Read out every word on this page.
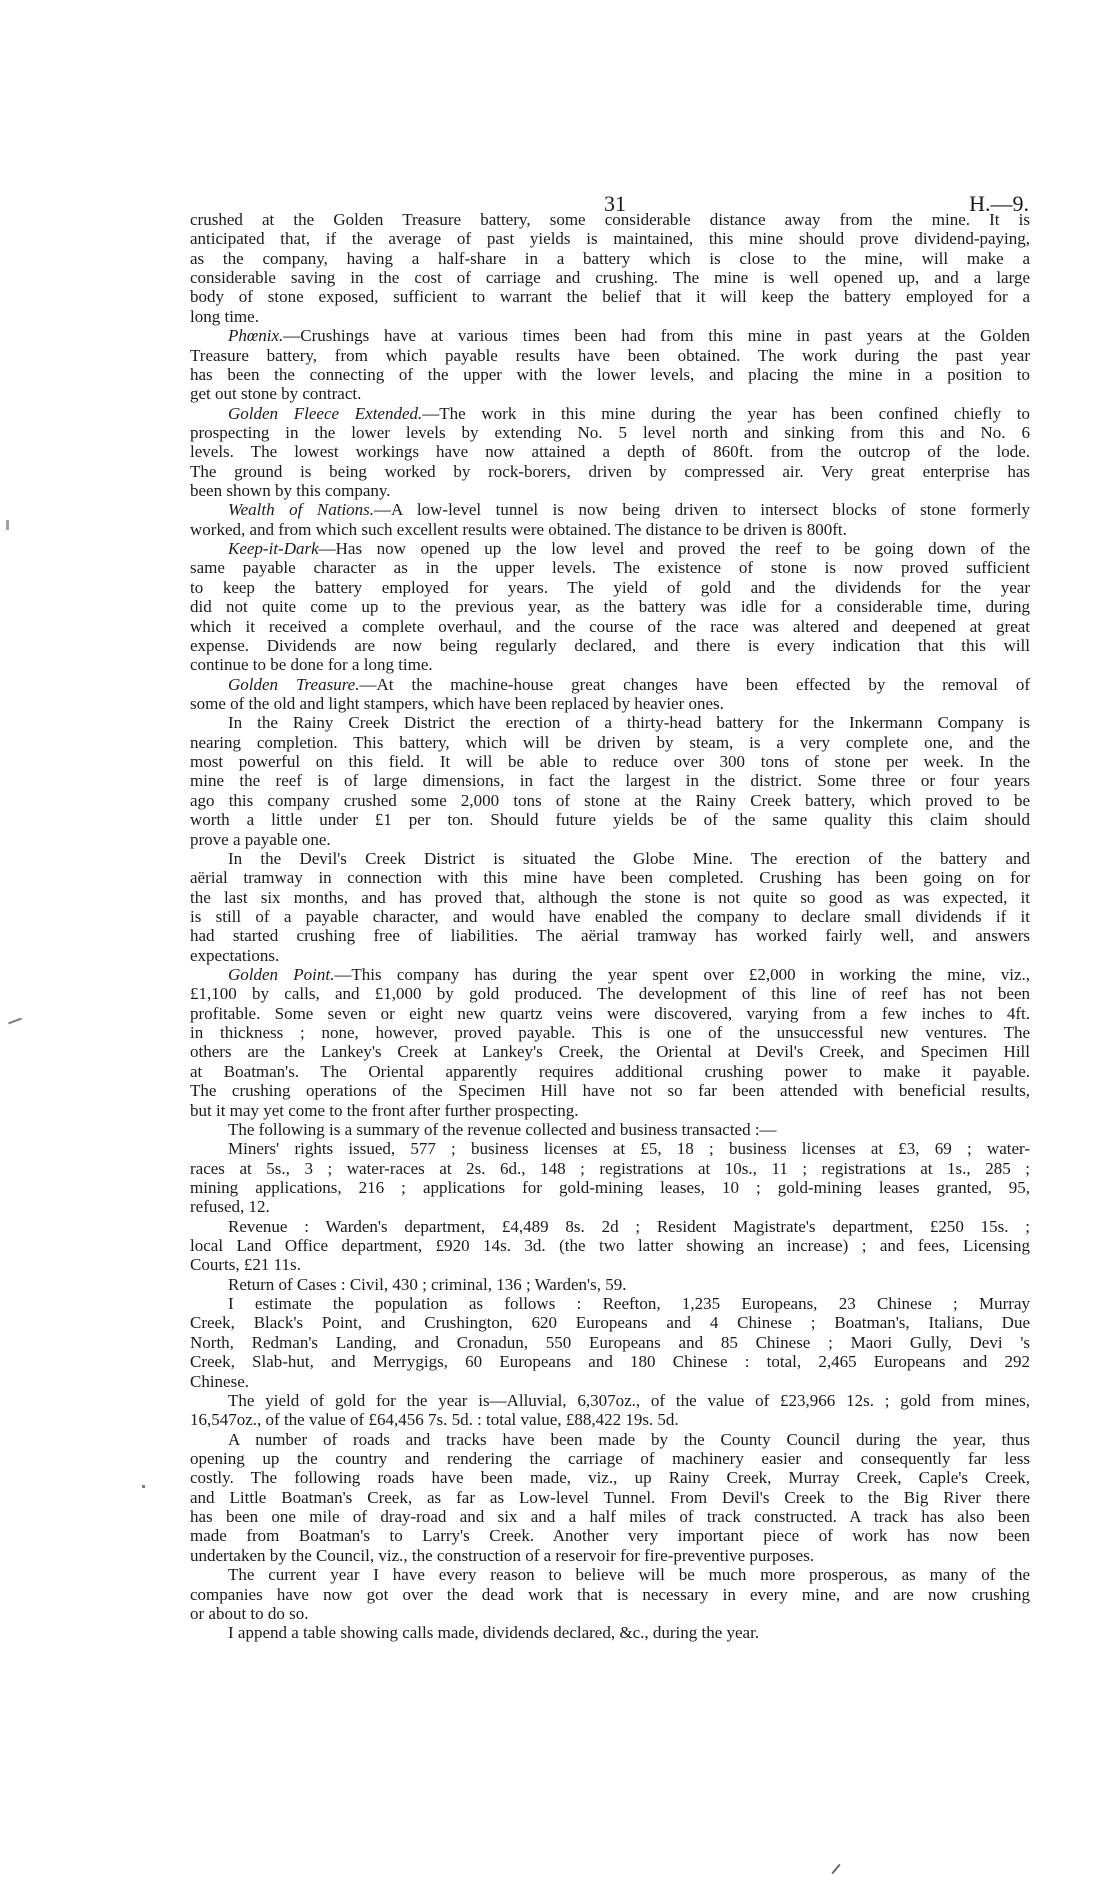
31	H.—9.
crushed at the Golden Treasure battery, some considerable distance away from the mine. It is
anticipated that, if the average of past yields is maintained, this mine should prove dividend-paying,
as the company, having a half-share in a battery which is close to the mine, will make a
considerable saving in the cost of carriage and crushing. The mine is well opened up, and a large
body of stone exposed, sufficient to warrant the belief that it will keep the battery employed for a
long time.
Phœnix.—Crushings have at various times been had from this mine in past years at the Golden
Treasure battery, from which payable results have been obtained. The work during the past year
has been the connecting of the upper with the lower levels, and placing the mine in a position to
get out stone by contract.
Golden Fleece Extended.—The work in this mine during the year has been confined chiefly to
prospecting in the lower levels by extending No. 5 level north and sinking from this and No. 6
levels. The lowest workings have now attained a depth of 860ft. from the outcrop of the lode.
The ground is being worked by rock-borers, driven by compressed air. Very great enterprise has
been shown by this company.
Wealth of Nations.—A low-level tunnel is now being driven to intersect blocks of stone formerly
worked, and from which such excellent results were obtained. The distance to be driven is 800ft.
Keep-it-Dark—Has now opened up the low level and proved the reef to be going down of the
same payable character as in the upper levels. The existence of stone is now proved sufficient
to keep the battery employed for years. The yield of gold and the dividends for the year
did not quite come up to the previous year, as the battery was idle for a considerable time, during
which it received a complete overhaul, and the course of the race was altered and deepened at great
expense. Dividends are now being regularly declared, and there is every indication that this will
continue to be done for a long time.
Golden Treasure.—At the machine-house great changes have been effected by the removal of
some of the old and light stampers, which have been replaced by heavier ones.
In the Rainy Creek District the erection of a thirty-head battery for the Inkermann Company is
nearing completion. This battery, which will be driven by steam, is a very complete one, and the
most powerful on this field. It will be able to reduce over 300 tons of stone per week. In the
mine the reef is of large dimensions, in fact the largest in the district. Some three or four years
ago this company crushed some 2,000 tons of stone at the Rainy Creek battery, which proved to be
worth a little under £1 per ton. Should future yields be of the same quality this claim should
prove a payable one.
In the Devil's Creek District is situated the Globe Mine. The erection of the battery and
aërial tramway in connection with this mine have been completed. Crushing has been going on for
the last six months, and has proved that, although the stone is not quite so good as was expected, it
is still of a payable character, and would have enabled the company to declare small dividends if it
had started crushing free of liabilities. The aërial tramway has worked fairly well, and answers
expectations.
Golden Point.—This company has during the year spent over £2,000 in working the mine, viz.,
£1,100 by calls, and £1,000 by gold produced. The development of this line of reef has not been
profitable. Some seven or eight new quartz veins were discovered, varying from a few inches to 4ft.
in thickness ; none, however, proved payable. This is one of the unsuccessful new ventures. The
others are the Lankey's Creek at Lankey's Creek, the Oriental at Devil's Creek, and Specimen Hill
at Boatman's. The Oriental apparently requires additional crushing power to make it payable.
The crushing operations of the Specimen Hill have not so far been attended with beneficial results,
but it may yet come to the front after further prospecting.
The following is a summary of the revenue collected and business transacted :—
Miners' rights issued, 577 ; business licenses at £5, 18 ; business licenses at £3, 69 ; water-
races at 5s., 3 ; water-races at 2s. 6d., 148 ; registrations at 10s., 11 ; registrations at 1s., 285 ;
mining applications, 216 ; applications for gold-mining leases, 10 ; gold-mining leases granted, 95,
refused, 12.
Revenue : Warden's department, £4,489 8s. 2d ; Resident Magistrate's department, £250 15s. ;
local Land Office department, £920 14s. 3d. (the two latter showing an increase) ; and fees, Licensing
Courts, £21 11s.
Return of Cases : Civil, 430 ; criminal, 136 ; Warden's, 59.
I estimate the population as follows : Reefton, 1,235 Europeans, 23 Chinese ; Murray
Creek, Black's Point, and Crushington, 620 Europeans and 4 Chinese ; Boatman's, Italians, Due
North, Redman's Landing, and Cronadun, 550 Europeans and 85 Chinese ; Maori Gully, Devi 's
Creek, Slab-hut, and Merrygigs, 60 Europeans and 180 Chinese : total, 2,465 Europeans and 292
Chinese.
The yield of gold for the year is—Alluvial, 6,307oz., of the value of £23,966 12s. ; gold from mines,
16,547oz., of the value of £64,456 7s. 5d. : total value, £88,422 19s. 5d.
A number of roads and tracks have been made by the County Council during the year, thus
opening up the country and rendering the carriage of machinery easier and consequently far less
costly. The following roads have been made, viz., up Rainy Creek, Murray Creek, Caple's Creek,
and Little Boatman's Creek, as far as Low-level Tunnel. From Devil's Creek to the Big River there
has been one mile of dray-road and six and a half miles of track constructed. A track has also been
made from Boatman's to Larry's Creek. Another very important piece of work has now been
undertaken by the Council, viz., the construction of a reservoir for fire-preventive purposes.
The current year I have every reason to believe will be much more prosperous, as many of the
companies have now got over the dead work that is necessary in every mine, and are now crushing
or about to do so.
I append a table showing calls made, dividends declared, &c., during the year.
